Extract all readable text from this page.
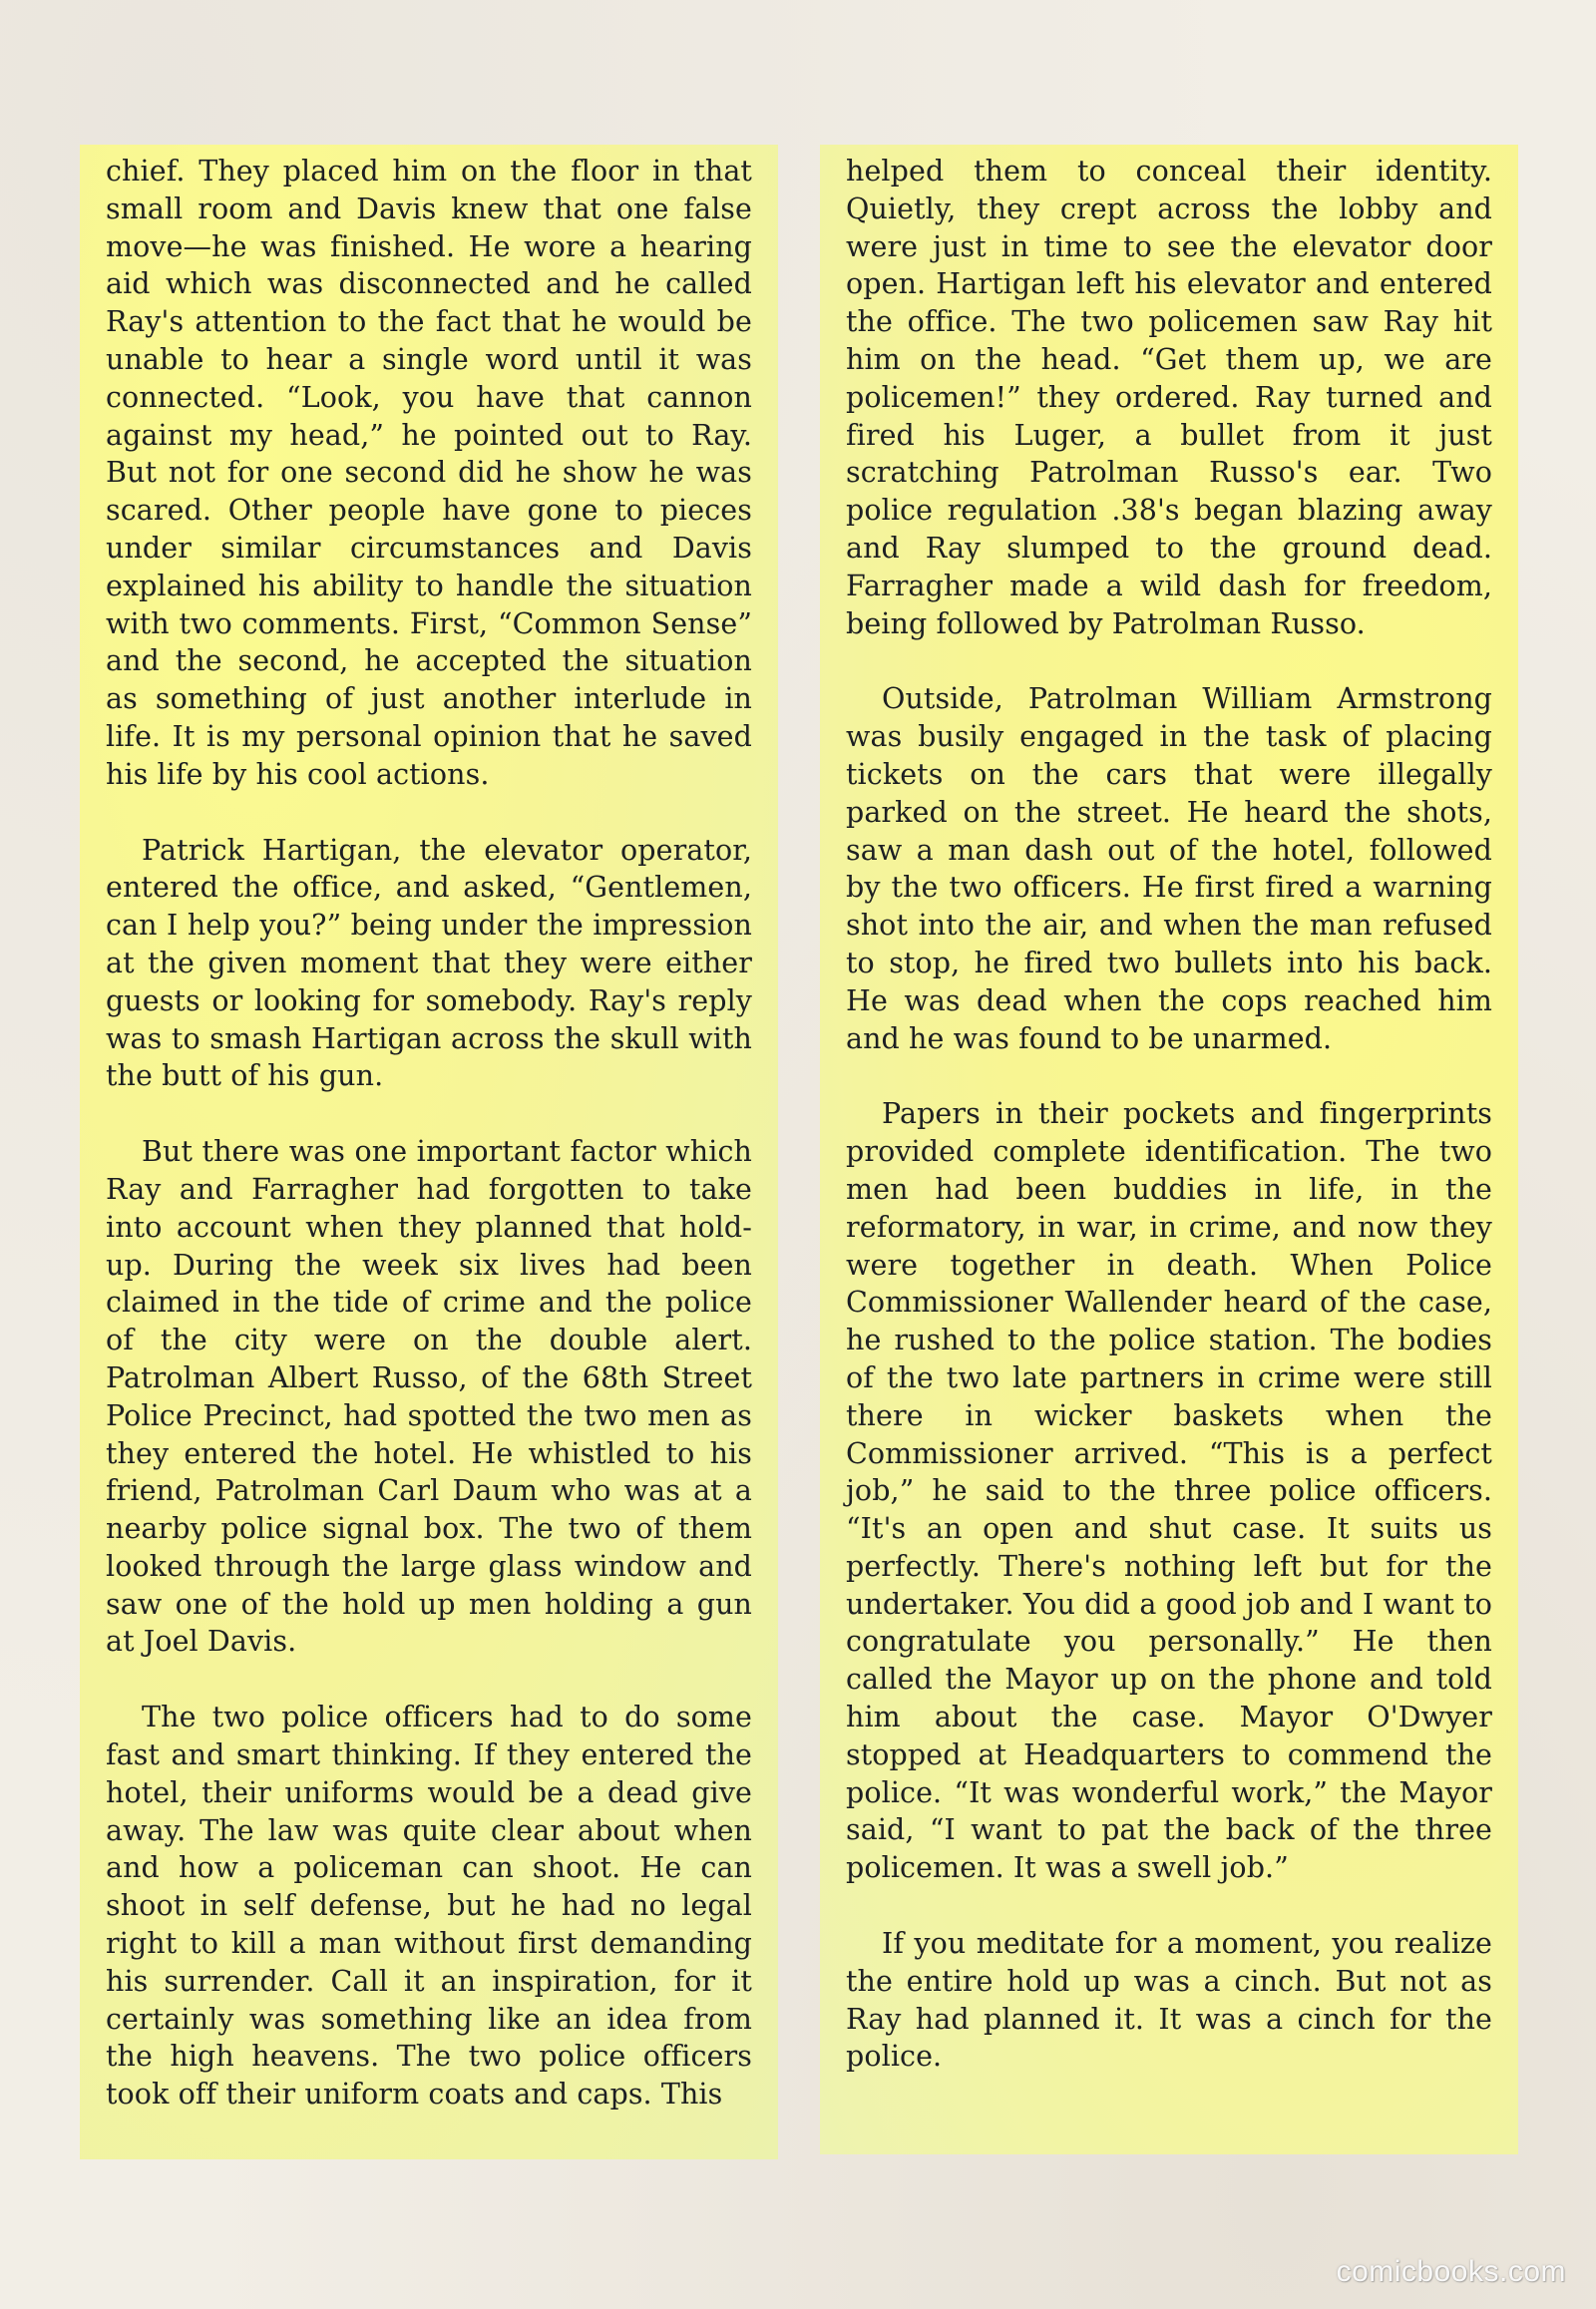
chief. They placed him on the floor in that small room and Davis knew that one false move—he was finished. He wore a hearing aid which was disconnected and he called Ray's attention to the fact that he would be unable to hear a single word until it was connected. “Look, you have that cannon against my head,” he pointed out to Ray. But not for one second did he show he was scared. Other people have gone to pieces under similar circumstances and Davis explained his ability to handle the situation with two comments. First, “Common Sense” and the second, he accepted the situation as something of just another interlude in life. It is my personal opinion that he saved his life by his cool actions.

Patrick Hartigan, the elevator operator, entered the office, and asked, “Gentlemen, can I help you?” being under the impression at the given moment that they were either guests or looking for somebody. Ray's reply was to smash Hartigan across the skull with the butt of his gun.

But there was one important factor which Ray and Farragher had forgotten to take into account when they planned that hold-up. During the week six lives had been claimed in the tide of crime and the police of the city were on the double alert. Patrolman Albert Russo, of the 68th Street Police Precinct, had spotted the two men as they entered the hotel. He whistled to his friend, Patrolman Carl Daum who was at a nearby police signal box. The two of them looked through the large glass window and saw one of the hold up men holding a gun at Joel Davis.

The two police officers had to do some fast and smart thinking. If they entered the hotel, their uniforms would be a dead give away. The law was quite clear about when and how a policeman can shoot. He can shoot in self defense, but he had no legal right to kill a man without first demanding his surrender. Call it an inspiration, for it certainly was something like an idea from the high heavens. The two police officers took off their uniform coats and caps. This

helped them to conceal their identity. Quietly, they crept across the lobby and were just in time to see the elevator door open. Hartigan left his elevator and entered the office. The two policemen saw Ray hit him on the head. “Get them up, we are policemen!” they ordered. Ray turned and fired his Luger, a bullet from it just scratching Patrolman Russo's ear. Two police regulation .38's began blazing away and Ray slumped to the ground dead. Farragher made a wild dash for freedom, being followed by Patrolman Russo.

Outside, Patrolman William Armstrong was busily engaged in the task of placing tickets on the cars that were illegally parked on the street. He heard the shots, saw a man dash out of the hotel, followed by the two officers. He first fired a warning shot into the air, and when the man refused to stop, he fired two bullets into his back. He was dead when the cops reached him and he was found to be unarmed.

Papers in their pockets and fingerprints provided complete identification. The two men had been buddies in life, in the reformatory, in war, in crime, and now they were together in death. When Police Commissioner Wallender heard of the case, he rushed to the police station. The bodies of the two late partners in crime were still there in wicker baskets when the Commissioner arrived. “This is a perfect job,” he said to the three police officers. “It's an open and shut case. It suits us perfectly. There's nothing left but for the undertaker. You did a good job and I want to congratulate you personally.” He then called the Mayor up on the phone and told him about the case. Mayor O'Dwyer stopped at Headquarters to commend the police. “It was wonderful work,” the Mayor said, “I want to pat the back of the three policemen. It was a swell job.”

If you meditate for a moment, you realize the entire hold up was a cinch. But not as Ray had planned it. It was a cinch for the police.

comicbooks.com
